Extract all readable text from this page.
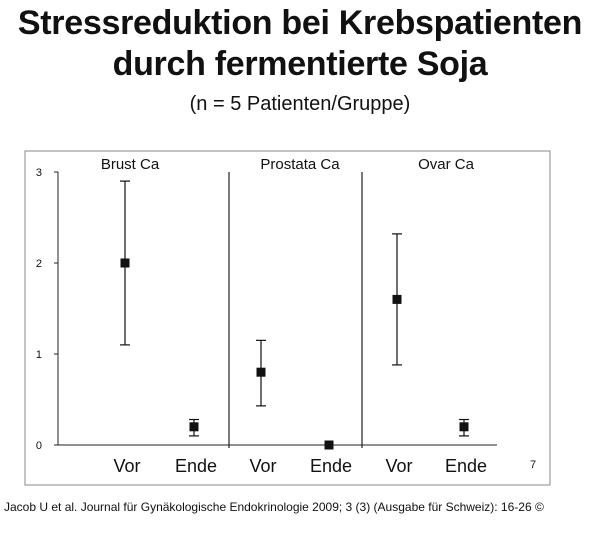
Stressreduktion bei Krebspatienten
durch fermentierte Soja
(n = 5 Patienten/Gruppe)
0
1
2
3	Brust Ca
Vor Ende
Prostata Ca
Vor Ende
Ovar Ca
Vor Ende	7
Jacob U et al. Journal für Gynäkologische Endokrinologie 2009; 3 (3) (Ausgabe für Schweiz): 16-26 ©
